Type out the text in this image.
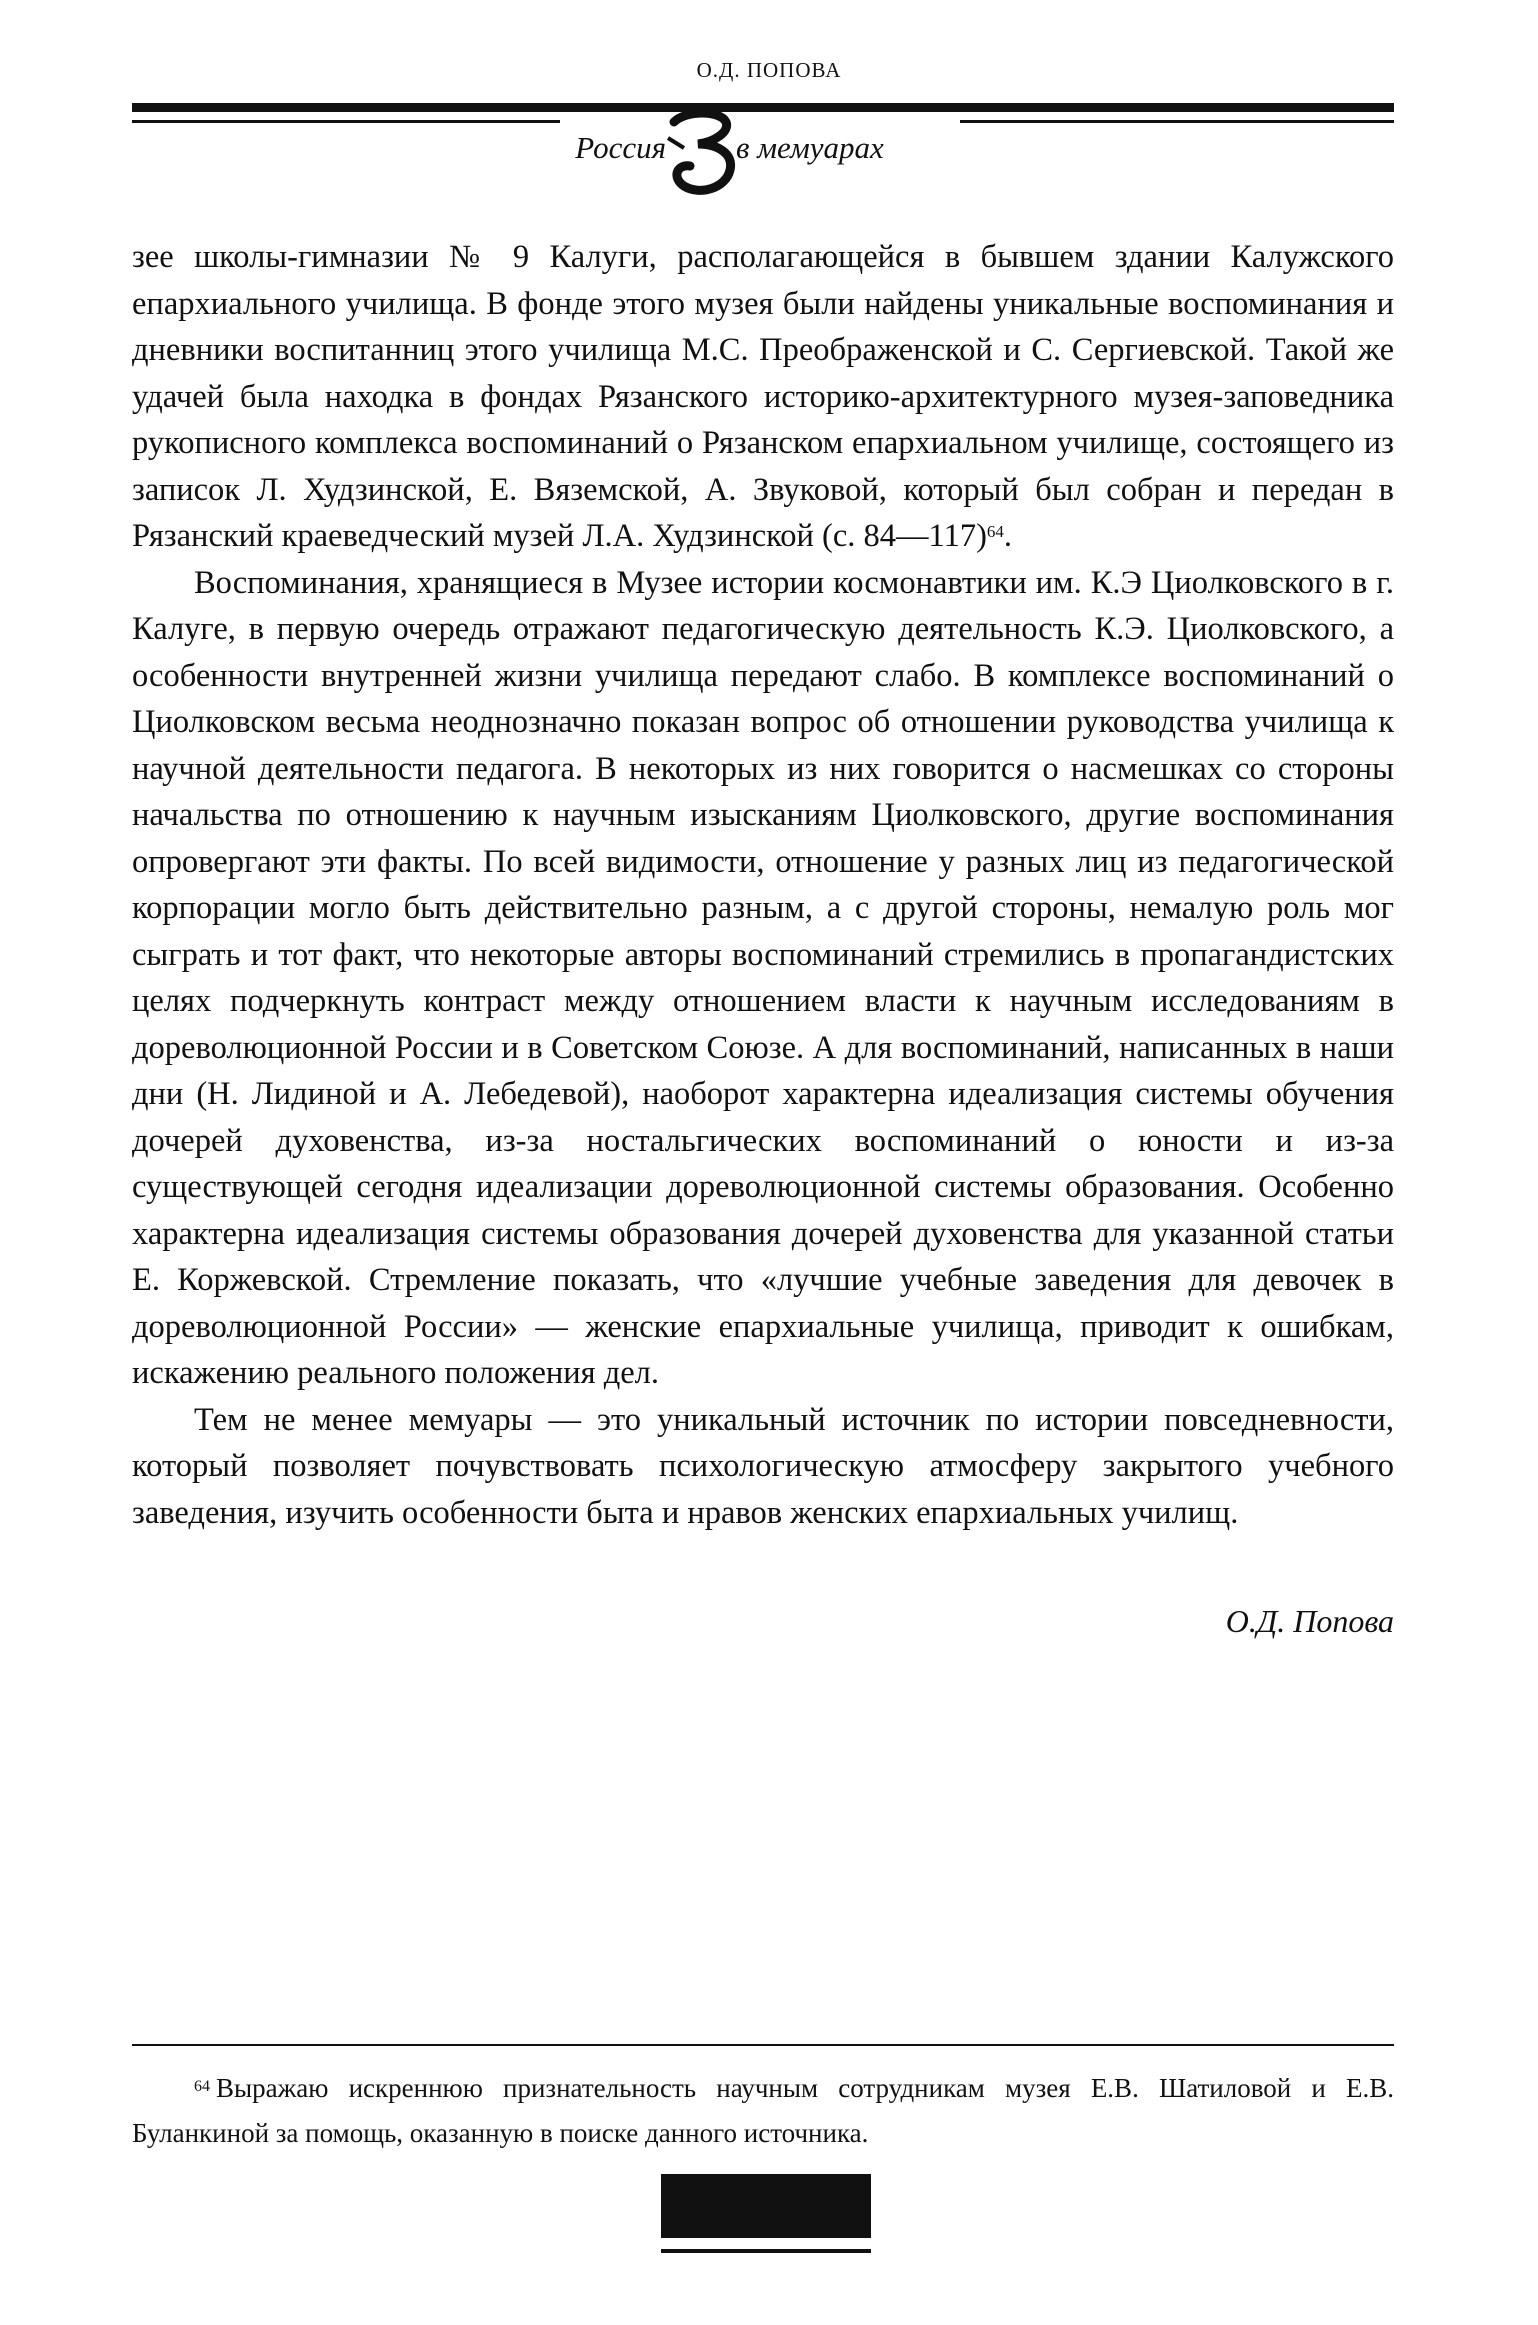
О.Д. ПОПОВА
Россия в мемуарах

зее школы-гимназии № 9 Калуги, располагающейся в бывшем здании Калужского епархиального училища. В фонде этого музея были найдены уникальные воспоминания и дневники воспитанниц этого училища М.С. Преображенской и С. Сергиевской. Такой же удачей была находка в фондах Рязанского историко-архитектурного музея-заповедника рукописного комплекса воспоминаний о Рязанском епархиальном училище, состоящего из записок Л. Худзинской, Е. Вяземской, А. Звуковой, который был собран и передан в Рязанский краеведческий музей Л.А. Худзинской (с. 84—117)$^{64}$.

Воспоминания, хранящиеся в Музее истории космонавтики им. К.Э Циолковского в г. Калуге, в первую очередь отражают педагогическую деятельность К.Э. Циолковского, а особенности внутренней жизни училища передают слабо. В комплексе воспоминаний о Циолковском весьма неоднозначно показан вопрос об отношении руководства училища к научной деятельности педагога. В некоторых из них говорится о насмешках со стороны начальства по отношению к научным изысканиям Циолковского, другие воспоминания опровергают эти факты. По всей видимости, отношение у разных лиц из педагогической корпорации могло быть действительно разным, а с другой стороны, немалую роль мог сыграть и тот факт, что некоторые авторы воспоминаний стремились в пропагандистских целях подчеркнуть контраст между отношением власти к научным исследованиям в дореволюционной России и в Советском Союзе. А для воспоминаний, написанных в наши дни (Н. Лидиной и А. Лебедевой), наоборот характерна идеализация системы обучения дочерей духовенства, из-за ностальгических воспоминаний о юности и из-за существующей сегодня идеализации дореволюционной системы образования. Особенно характерна идеализация системы образования дочерей духовенства для указанной статьи Е. Коржевской. Стремление показать, что «лучшие учебные заведения для девочек в дореволюционной России» — женские епархиальные училища, приводит к ошибкам, искажению реального положения дел.

Тем не менее мемуары — это уникальный источник по истории повседневности, который позволяет почувствовать психологическую атмосферу закрытого учебного заведения, изучить особенности быта и нравов женских епархиальных училищ.

О.Д. Попова
$^{64}$ Выражаю искреннюю признательность научным сотрудникам музея Е.В. Шатиловой и Е.В. Буланкиной за помощь, оказанную в поиске данного источника.
